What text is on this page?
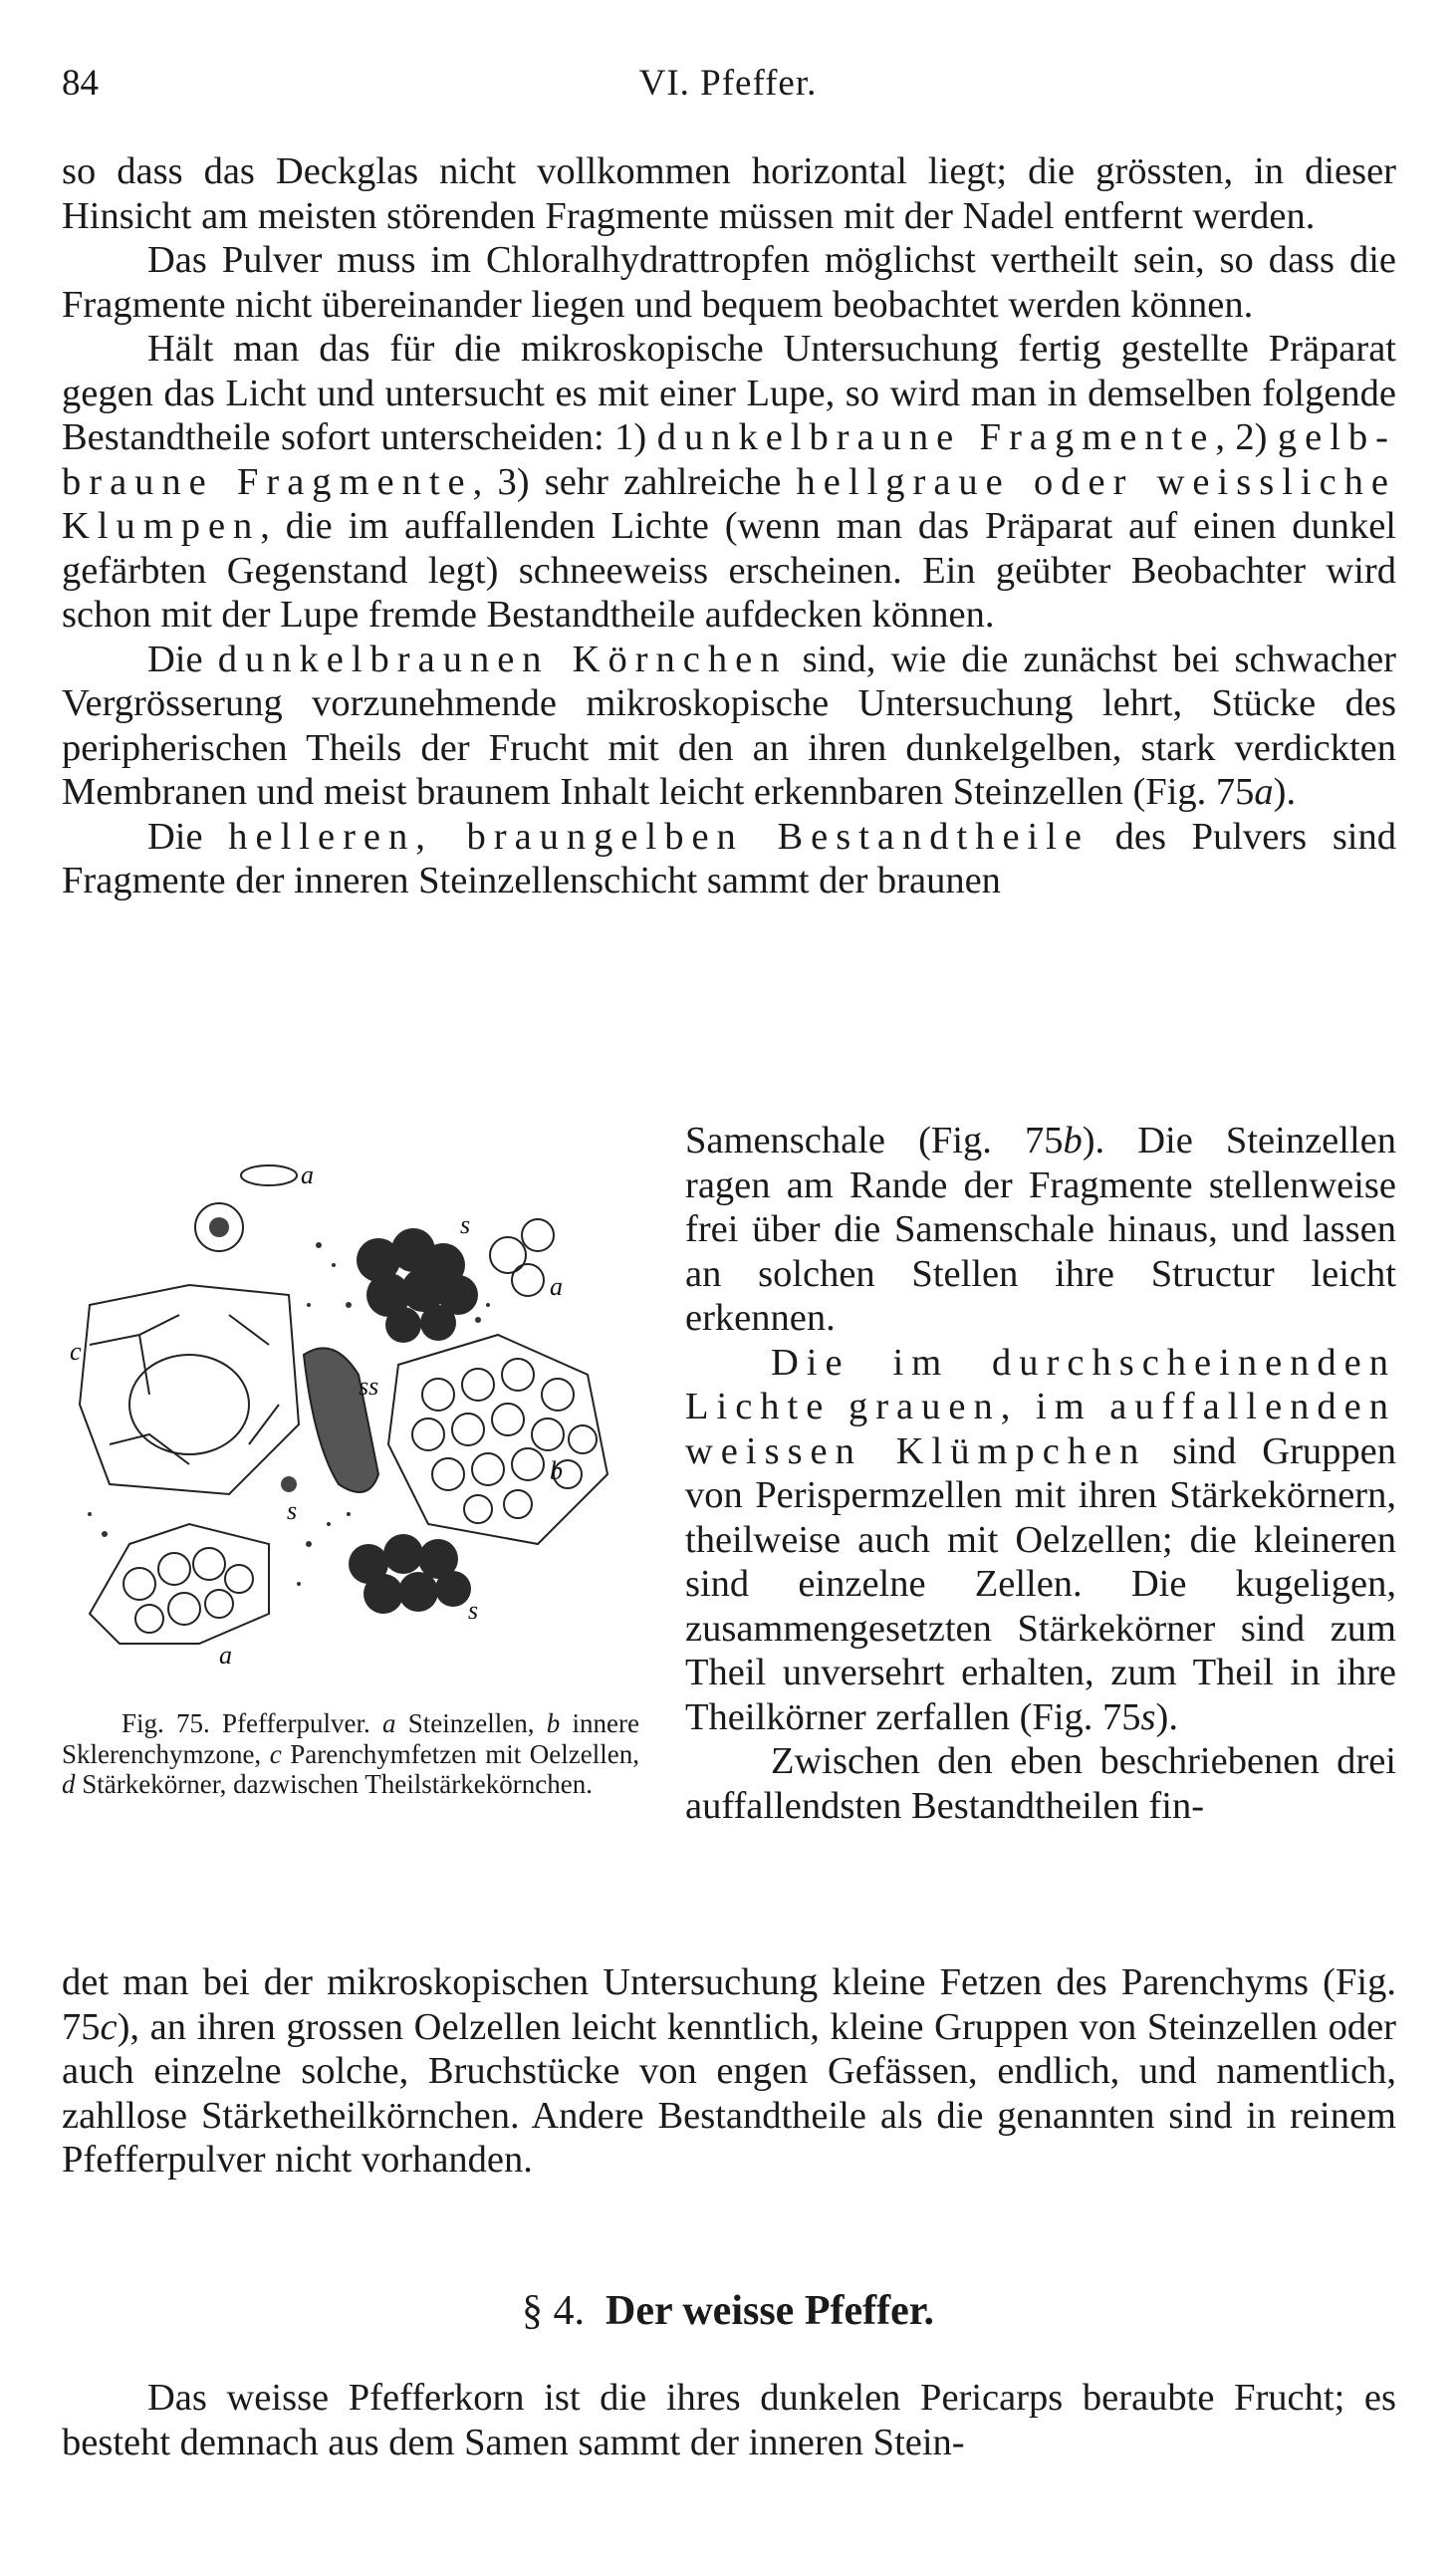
84	VI. Pfeffer.

so dass das Deckglas nicht vollkommen horizontal liegt; die grössten, in dieser Hinsicht am meisten störenden Fragmente müssen mit der Nadel entfernt werden.

Das Pulver muss im Chloralhydrattropfen möglichst vertheilt sein, so dass die Fragmente nicht übereinander liegen und bequem beobachtet werden können.

Hält man das für die mikroskopische Untersuchung fertig gestellte Präparat gegen das Licht und untersucht es mit einer Lupe, so wird man in demselben folgende Bestandtheile sofort unterscheiden: 1) dunkelbraune Fragmente, 2) gelb-braune Fragmente, 3) sehr zahlreiche hellgraue oder weissliche Klumpen, die im auffallenden Lichte (wenn man das Präparat auf einen dunkel gefärbten Gegenstand legt) schneeweiss erscheinen. Ein geübter Beobachter wird schon mit der Lupe fremde Bestandtheile aufdecken können.

Die dunkelbraunen Körnchen sind, wie die zunächst bei schwacher Vergrösserung vorzunehmende mikroskopische Untersuchung lehrt, Stücke des peripherischen Theils der Frucht mit den an ihren dunkelgelben, stark verdickten Membranen und meist braunem Inhalt leicht erkennbaren Steinzellen (Fig. 75a).

Die helleren, braungelben Bestandtheile des Pulvers sind Fragmente der inneren Steinzellenschicht sammt der braunen

a
s
a
c
ss
b
s
s
a
Fig. 75. Pfefferpulver. a Steinzellen, b innere Sklerenchymzone, c Parenchymfetzen mit Oelzellen, d Stärkekörner, dazwischen Theilstärkekörnchen.

Samenschale (Fig. 75b). Die Steinzellen ragen am Rande der Fragmente stellenweise frei über die Samenschale hinaus, und lassen an solchen Stellen ihre Structur leicht erkennen.

Die im durchscheinenden Lichte grauen, im auffallenden weissen Klümpchen sind Gruppen von Perispermzellen mit ihren Stärkekörnern, theilweise auch mit Oelzellen; die kleineren sind einzelne Zellen. Die kugeligen, zusammengesetzten Stärkekörner sind zum Theil unversehrt erhalten, zum Theil in ihre Theilkörner zerfallen (Fig. 75s).

Zwischen den eben beschriebenen drei auffallendsten Bestandtheilen fin-

det man bei der mikroskopischen Untersuchung kleine Fetzen des Parenchyms (Fig. 75c), an ihren grossen Oelzellen leicht kenntlich, kleine Gruppen von Steinzellen oder auch einzelne solche, Bruchstücke von engen Gefässen, endlich, und namentlich, zahllose Stärketheilkörnchen. Andere Bestandtheile als die genannten sind in reinem Pfefferpulver nicht vorhanden.

§ 4. Der weisse Pfeffer.

Das weisse Pfefferkorn ist die ihres dunkelen Pericarps beraubte Frucht; es besteht demnach aus dem Samen sammt der inneren Stein-
